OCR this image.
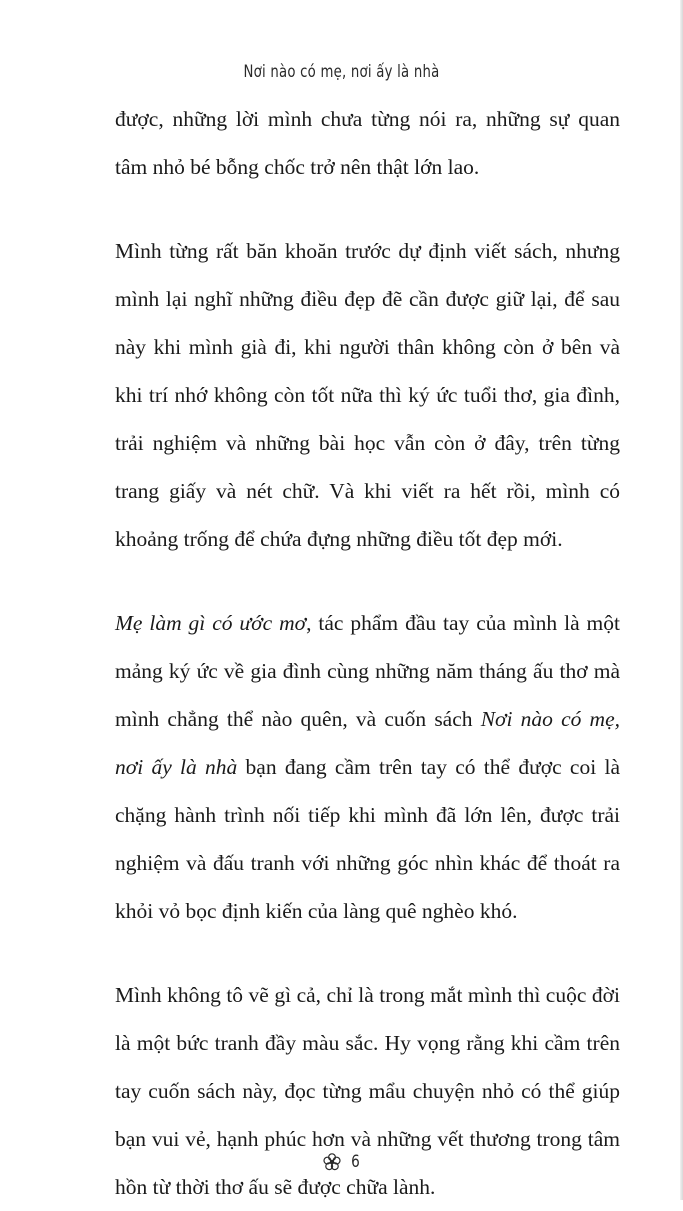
Nơi nào có mẹ, nơi ấy là nhà

được, những lời mình chưa từng nói ra, những sự quan tâm nhỏ bé bỗng chốc trở nên thật lớn lao.

Mình từng rất băn khoăn trước dự định viết sách, nhưng mình lại nghĩ những điều đẹp đẽ cần được giữ lại, để sau này khi mình già đi, khi người thân không còn ở bên và khi trí nhớ không còn tốt nữa thì ký ức tuổi thơ, gia đình, trải nghiệm và những bài học vẫn còn ở đây, trên từng trang giấy và nét chữ. Và khi viết ra hết rồi, mình có khoảng trống để chứa đựng những điều tốt đẹp mới.

Mẹ làm gì có ước mơ, tác phẩm đầu tay của mình là một mảng ký ức về gia đình cùng những năm tháng ấu thơ mà mình chẳng thể nào quên, và cuốn sách Nơi nào có mẹ, nơi ấy là nhà bạn đang cầm trên tay có thể được coi là chặng hành trình nối tiếp khi mình đã lớn lên, được trải nghiệm và đấu tranh với những góc nhìn khác để thoát ra khỏi vỏ bọc định kiến của làng quê nghèo khó.

Mình không tô vẽ gì cả, chỉ là trong mắt mình thì cuộc đời là một bức tranh đầy màu sắc. Hy vọng rằng khi cầm trên tay cuốn sách này, đọc từng mẩu chuyện nhỏ có thể giúp bạn vui vẻ, hạnh phúc hơn và những vết thương trong tâm hồn từ thời thơ ấu sẽ được chữa lành.

6
